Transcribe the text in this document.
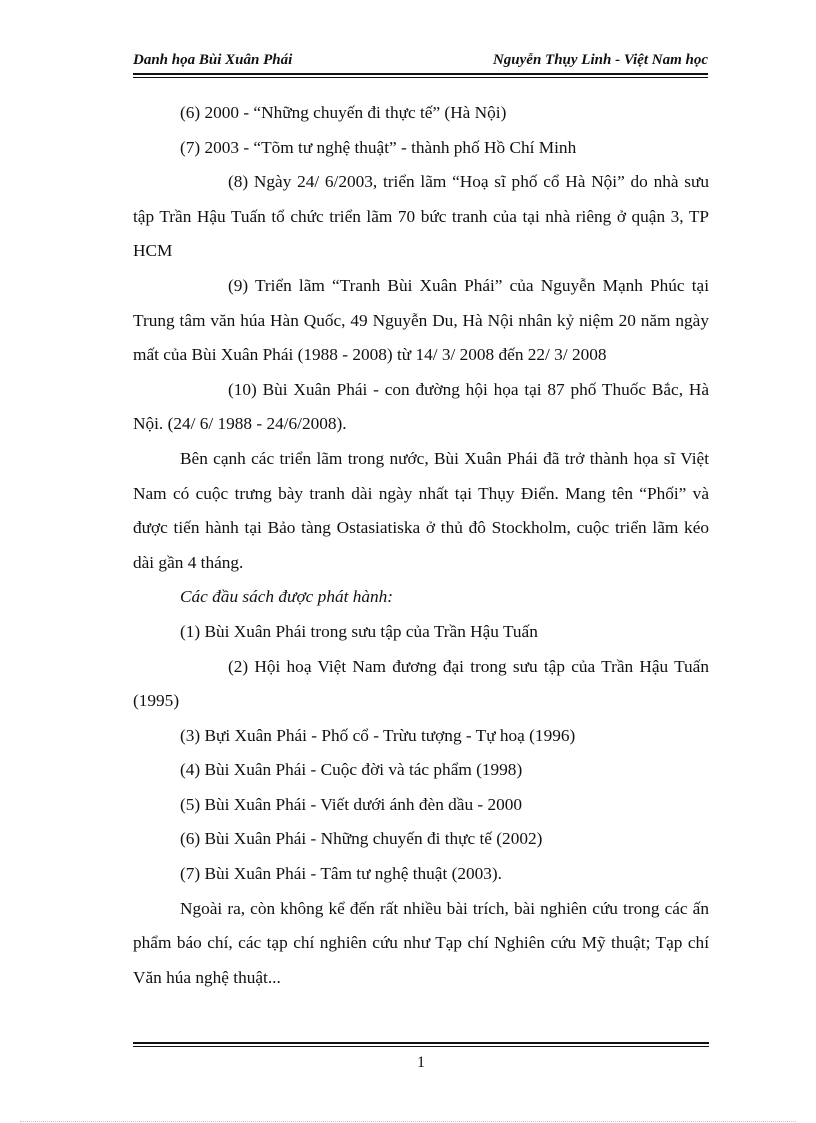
Danh họa Bùi Xuân Phái	Nguyễn Thụy Linh - Việt Nam học

(6) 2000 - “Những chuyến đi thực tế” (Hà Nội)

(7) 2003 - “Tõm tư nghệ thuật” - thành phố Hồ Chí Minh

(8) Ngày 24/ 6/2003, triển lãm “Hoạ sĩ phố cổ Hà Nội” do nhà sưu tập Trần Hậu Tuấn tổ chức triển lãm 70 bức tranh của tại nhà riêng ở quận 3, TP HCM

(9) Triển lãm “Tranh Bùi Xuân Phái” của Nguyễn Mạnh Phúc tại Trung tâm văn húa Hàn Quốc, 49 Nguyễn Du, Hà Nội nhân kỷ niệm 20 năm ngày mất của Bùi Xuân Phái (1988 - 2008) từ 14/ 3/ 2008 đến 22/ 3/ 2008

(10) Bùi Xuân Phái - con đường hội họa tại 87 phố Thuốc Bắc, Hà Nội. (24/ 6/ 1988 - 24/6/2008).

Bên cạnh các triển lãm trong nước, Bùi Xuân Phái đã trở thành họa sĩ Việt Nam có cuộc trưng bày tranh dài ngày nhất tại Thụy Điển. Mang tên “Phối” và được tiến hành tại Bảo tàng Ostasiatiska ở thủ đô Stockholm, cuộc triển lãm kéo dài gần 4 tháng.

Các đầu sách được phát hành:

(1) Bùi Xuân Phái trong sưu tập của Trần Hậu Tuấn

(2) Hội hoạ Việt Nam đương đại trong sưu tập của Trần Hậu Tuấn (1995)

(3) Bựi Xuân Phái - Phố cổ - Trừu tượng - Tự hoạ (1996)

(4) Bùi Xuân Phái - Cuộc đời và tác phẩm (1998)

(5) Bùi Xuân Phái - Viết dưới ánh đèn dầu - 2000

(6) Bùi Xuân Phái - Những chuyến đi thực tế (2002)

(7) Bùi Xuân Phái - Tâm tư nghệ thuật (2003).

Ngoài ra, còn không kể đến rất nhiều bài trích, bài nghiên cứu trong các ấn phẩm báo chí, các tạp chí nghiên cứu như Tạp chí Nghiên cứu Mỹ thuật; Tạp chí Văn húa nghệ thuật...

1
